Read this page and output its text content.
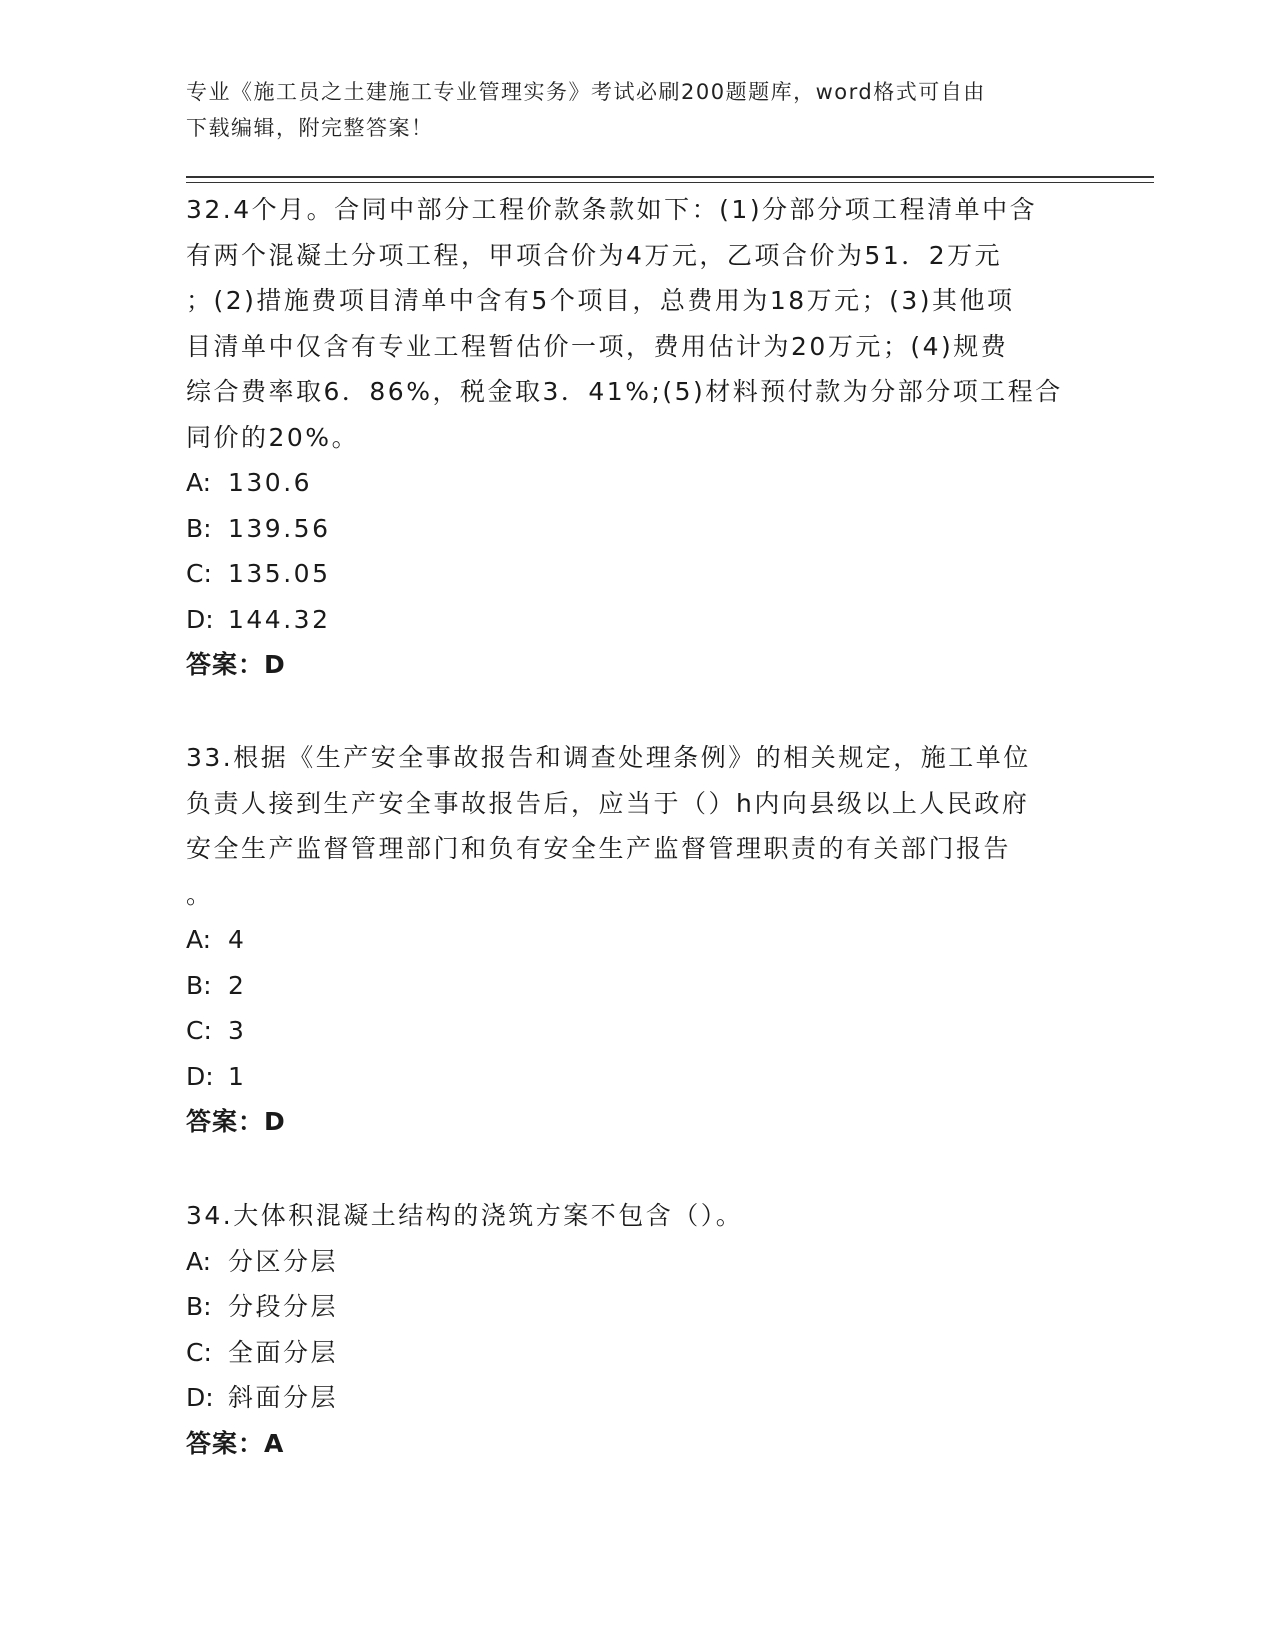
专业《施工员之土建施工专业管理实务》考试必刷200题题库，word格式可自由
下载编辑，附完整答案！

32.4个月。合同中部分工程价款条款如下：(1)分部分项工程清单中含

有两个混凝土分项工程，甲项合价为4万元，乙项合价为51．2万元

；(2)措施费项目清单中含有5个项目，总费用为18万元；(3)其他项

目清单中仅含有专业工程暂估价一项，费用估计为20万元；(4)规费

综合费率取6．86%，税金取3．41%;(5)材料预付款为分部分项工程合

同价的20%。

A: 130.6

B: 139.56

C: 135.05

D: 144.32

答案：D

33.根据《生产安全事故报告和调查处理条例》的相关规定，施工单位

负责人接到生产安全事故报告后，应当于（）h内向县级以上人民政府

安全生产监督管理部门和负有安全生产监督管理职责的有关部门报告

。

A: 4

B: 2

C: 3

D: 1

答案：D

34.大体积混凝土结构的浇筑方案不包含（）。

A: 分区分层

B: 分段分层

C: 全面分层

D: 斜面分层

答案：A
